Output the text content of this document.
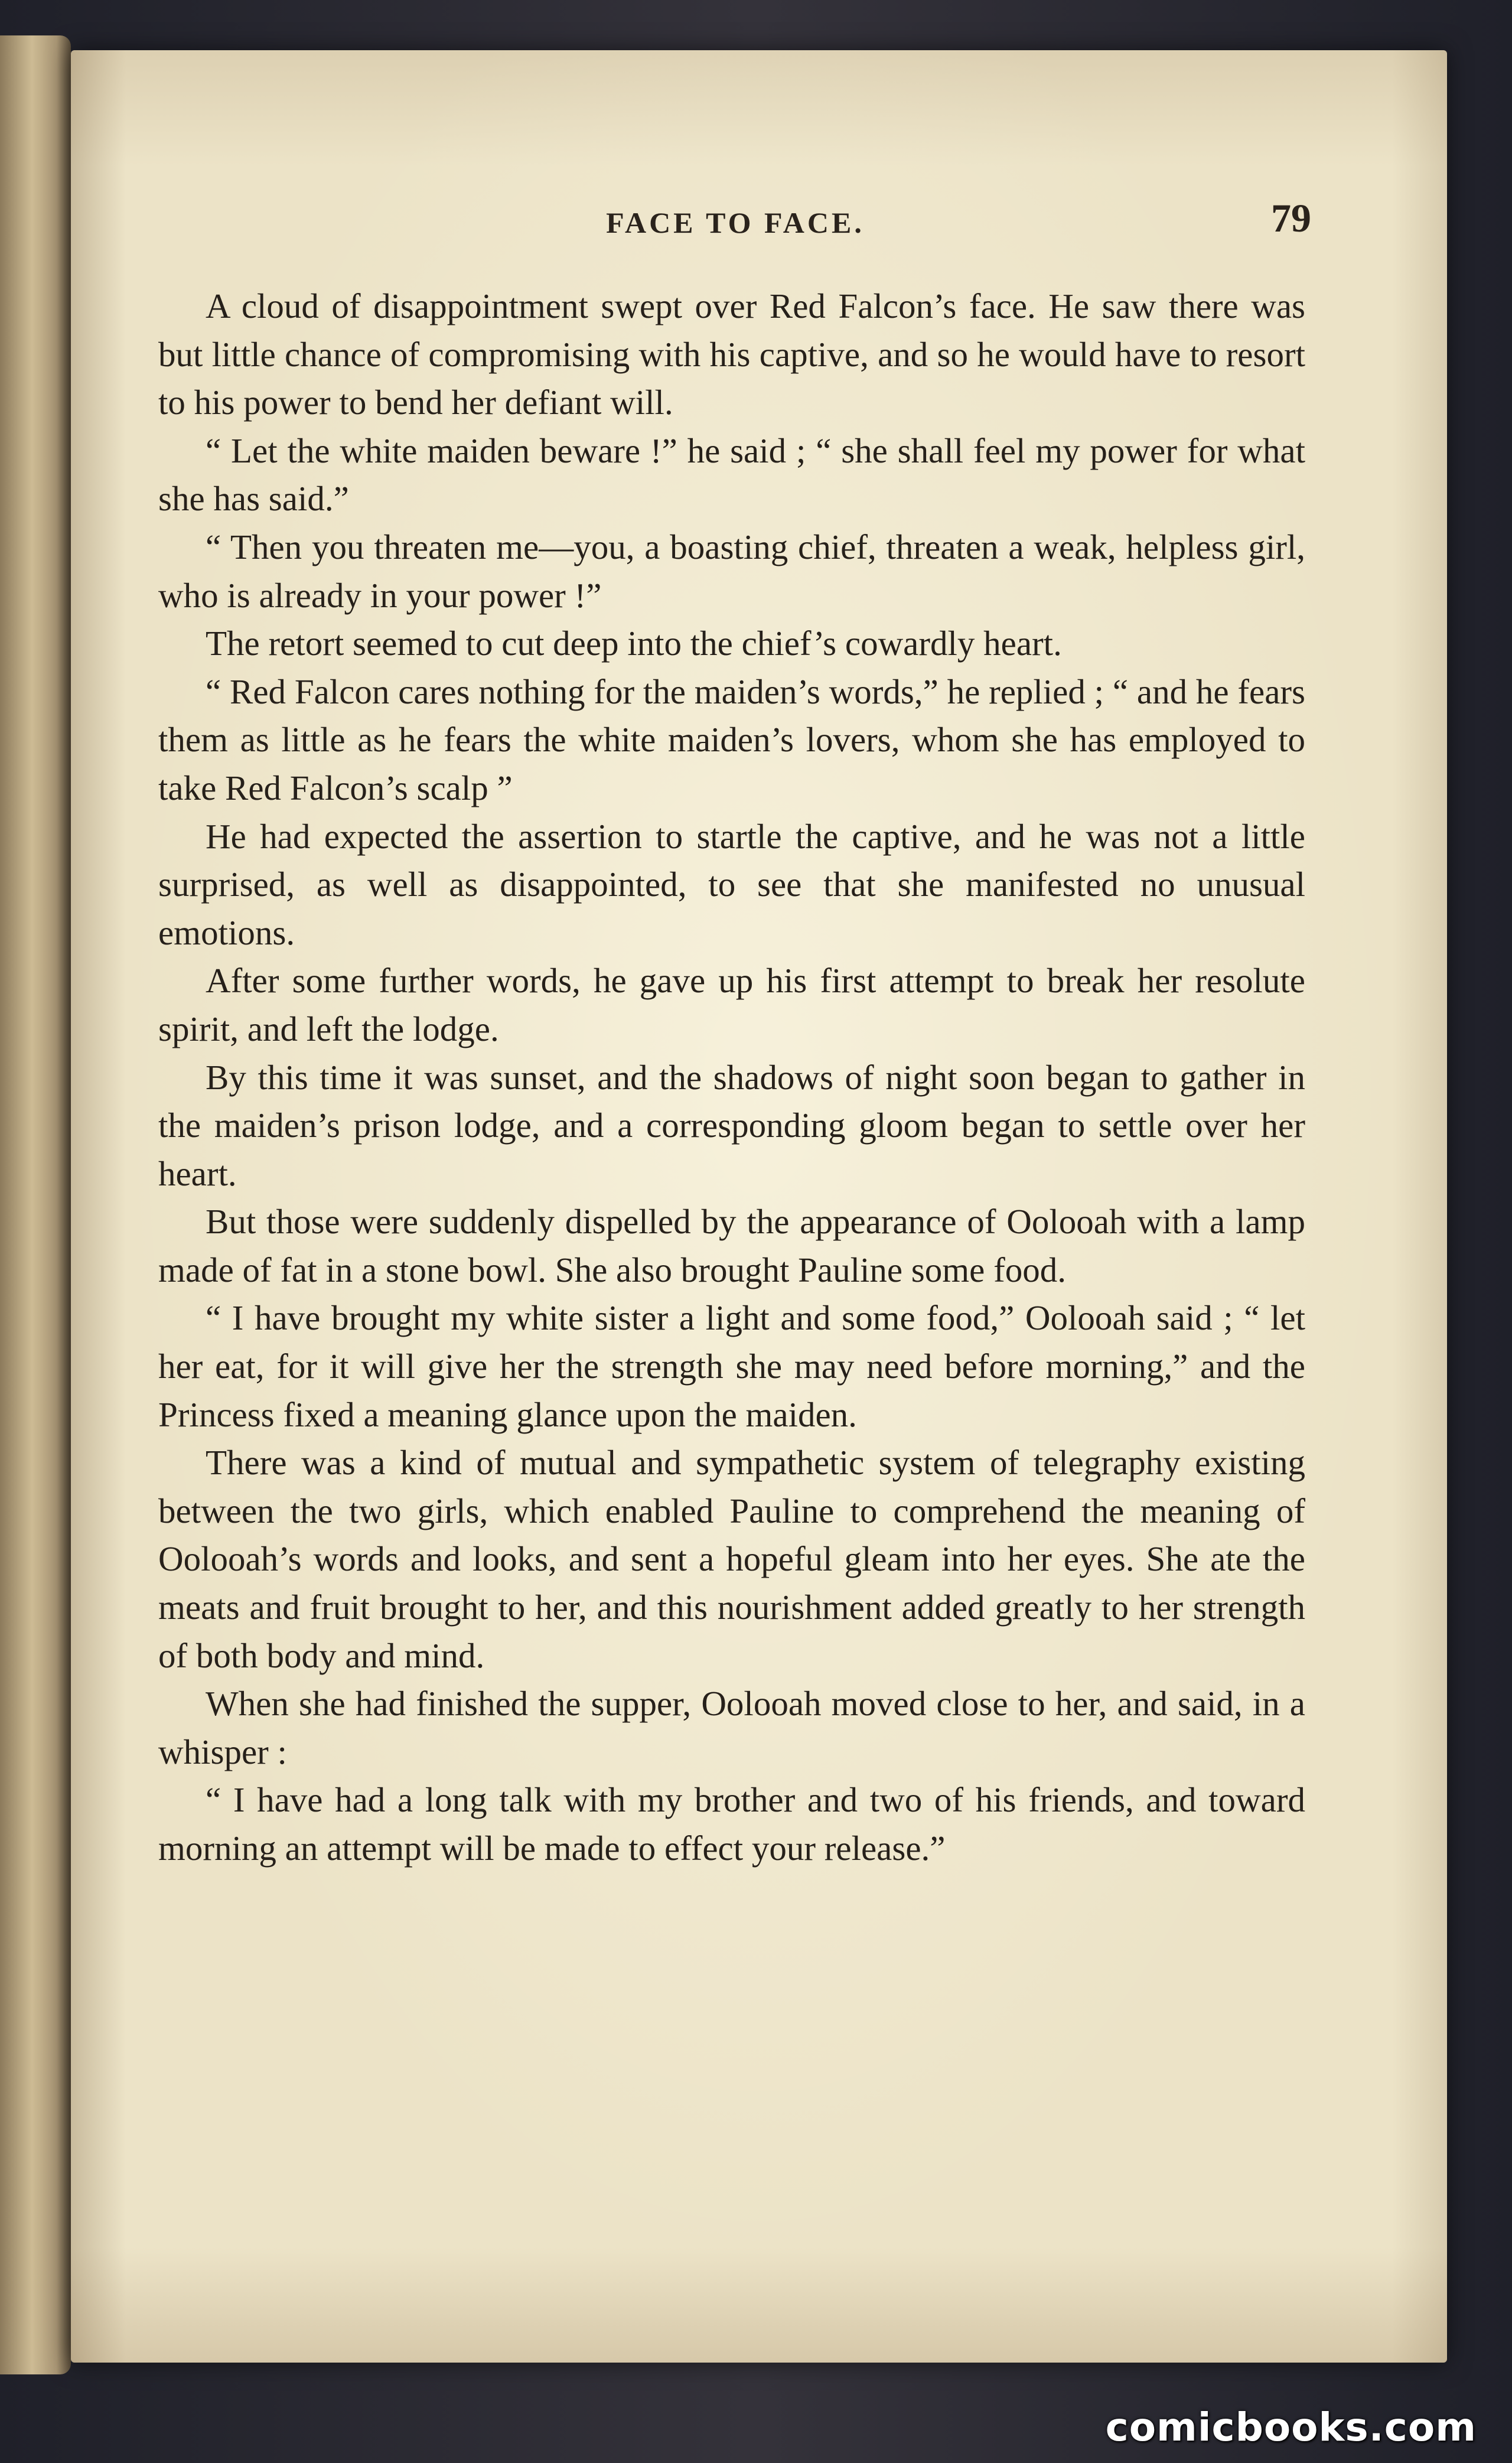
FACE TO FACE.	79

A cloud of disappointment swept over Red Falcon’s face. He saw there was but little chance of compromising with his captive, and so he would have to resort to his power to bend her defiant will.

“ Let the white maiden beware !” he said ; “ she shall feel my power for what she has said.”

“ Then you threaten me—you, a boasting chief, threaten a weak, helpless girl, who is already in your power !”

The retort seemed to cut deep into the chief’s cowardly heart.

“ Red Falcon cares nothing for the maiden’s words,” he replied ; “ and he fears them as little as he fears the white maiden’s lovers, whom she has employed to take Red Falcon’s scalp ”

He had expected the assertion to startle the captive, and he was not a little surprised, as well as disappointed, to see that she manifested no unusual emotions.

After some further words, he gave up his first attempt to break her resolute spirit, and left the lodge.

By this time it was sunset, and the shadows of night soon began to gather in the maiden’s prison lodge, and a corresponding gloom began to settle over her heart.

But those were suddenly dispelled by the appearance of Oolooah with a lamp made of fat in a stone bowl. She also brought Pauline some food.

“ I have brought my white sister a light and some food,” Oolooah said ; “ let her eat, for it will give her the strength she may need before morning,” and the Princess fixed a meaning glance upon the maiden.

There was a kind of mutual and sympathetic system of telegraphy existing between the two girls, which enabled Pauline to comprehend the meaning of Oolooah’s words and looks, and sent a hopeful gleam into her eyes. She ate the meats and fruit brought to her, and this nourishment added greatly to her strength of both body and mind.

When she had finished the supper, Oolooah moved close to her, and said, in a whisper :

“ I have had a long talk with my brother and two of his friends, and toward morning an attempt will be made to effect your release.”

comicbooks.com
